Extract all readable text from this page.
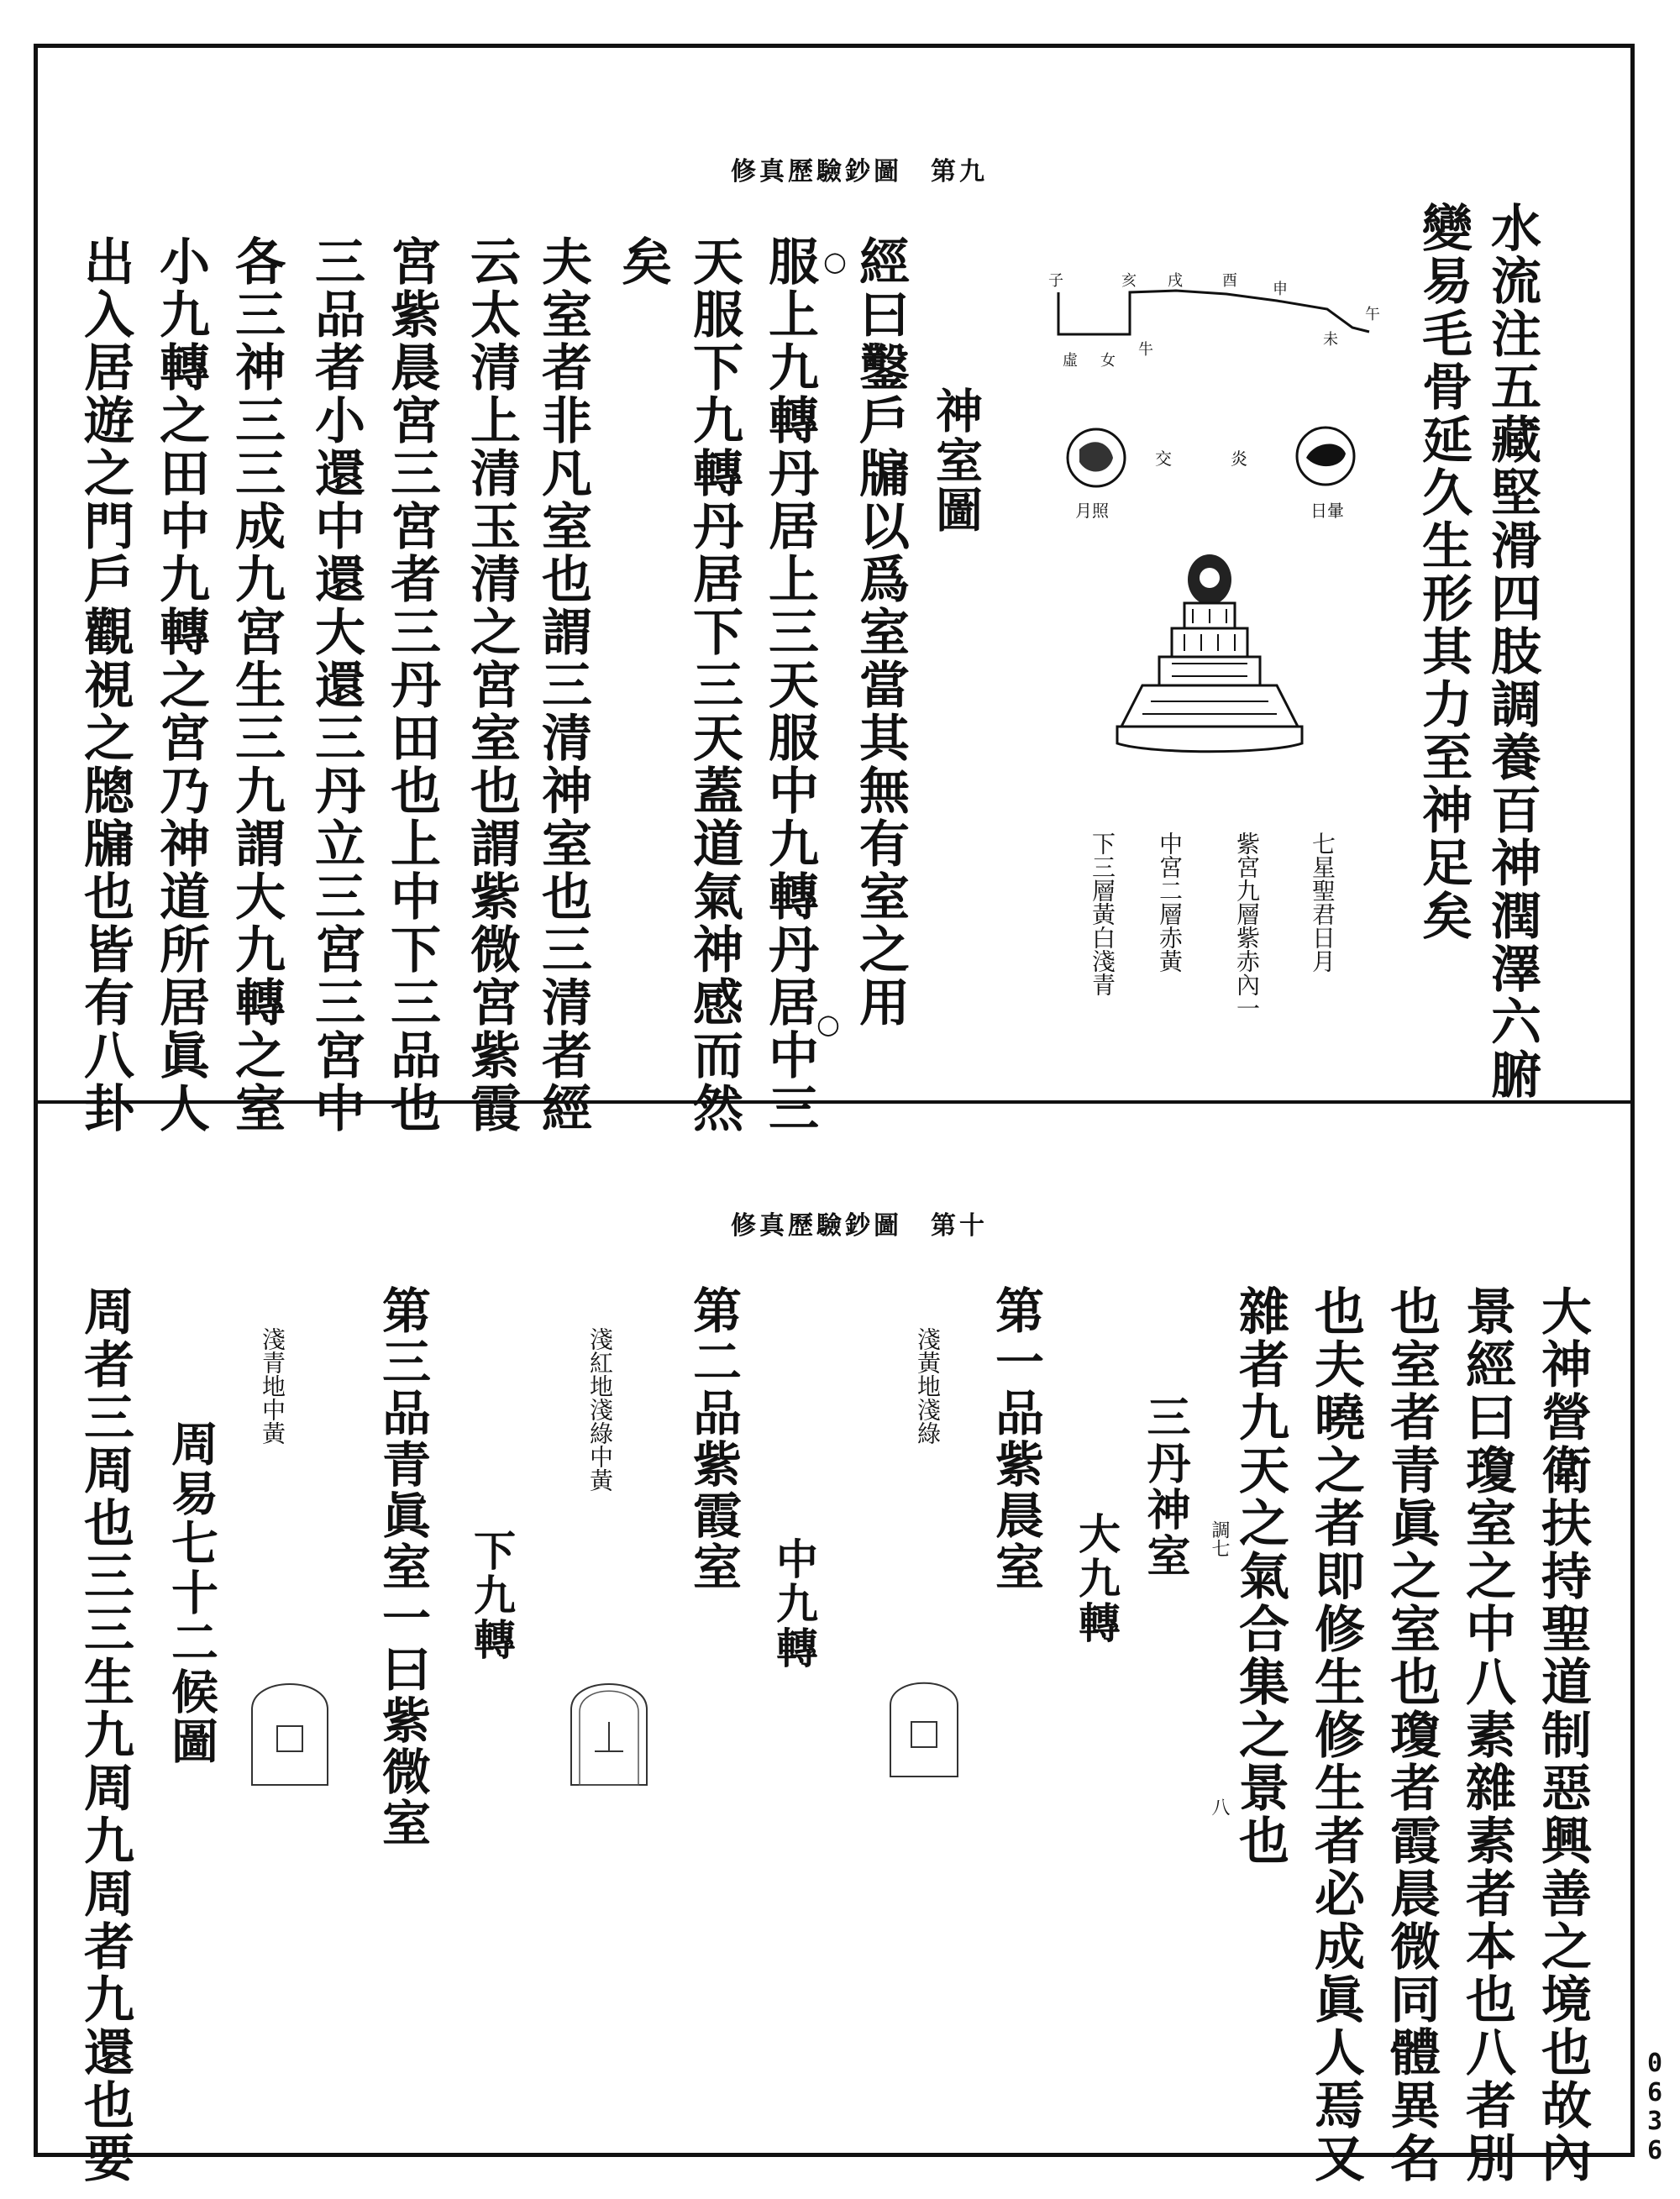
修真歷驗鈔圖　第九
水流注五藏堅滑四肢調養百神潤澤六腑
變易毛骨延久生形其力至神足矣
子	亥 戌	酉 申
未
午
虛 女
牛
交	炎
月照	日暈
七星聖君日月
紫宮九層紫赤內一
中宮二層赤黃
下三層黃白淺青
神室圖
經曰鑿戶牖以爲室當其無有室之用
○
服上九轉丹居上三天服中九轉丹居中三
○
天服下九轉丹居下三天蓋道氣神感而然
矣
夫室者非凡室也謂三清神室也三清者經
云太清上清玉清之宮室也謂紫微宮紫霞
宮紫晨宮三宮者三丹田也上中下三品也
三品者小還中還大還三丹立三宮三宮中
各三神三三成九宮生三九謂大九轉之室
小九轉之田中九轉之宮乃神道所居眞人
出入居遊之門戶觀視之牕牖也皆有八卦
修真歷驗鈔圖　第十
大神營衛扶持聖道制惡興善之境也故內
景經曰瓊室之中八素雜素者本也八者別
也室者青眞之室也瓊者霞晨微同體異名
也夫曉之者即修生修生者必成眞人焉又
雜者九天之氣合集之景也
八
調七
三丹神室
大九轉
第一品紫晨室
淺黃地淺綠
中九轉
第二品紫霞室
淺紅地淺綠中黃
下九轉
第三品青眞室一曰紫微室
淺青地中黃
周易七十二候圖
周者三周也三三生九周九周者九還也要	0636
